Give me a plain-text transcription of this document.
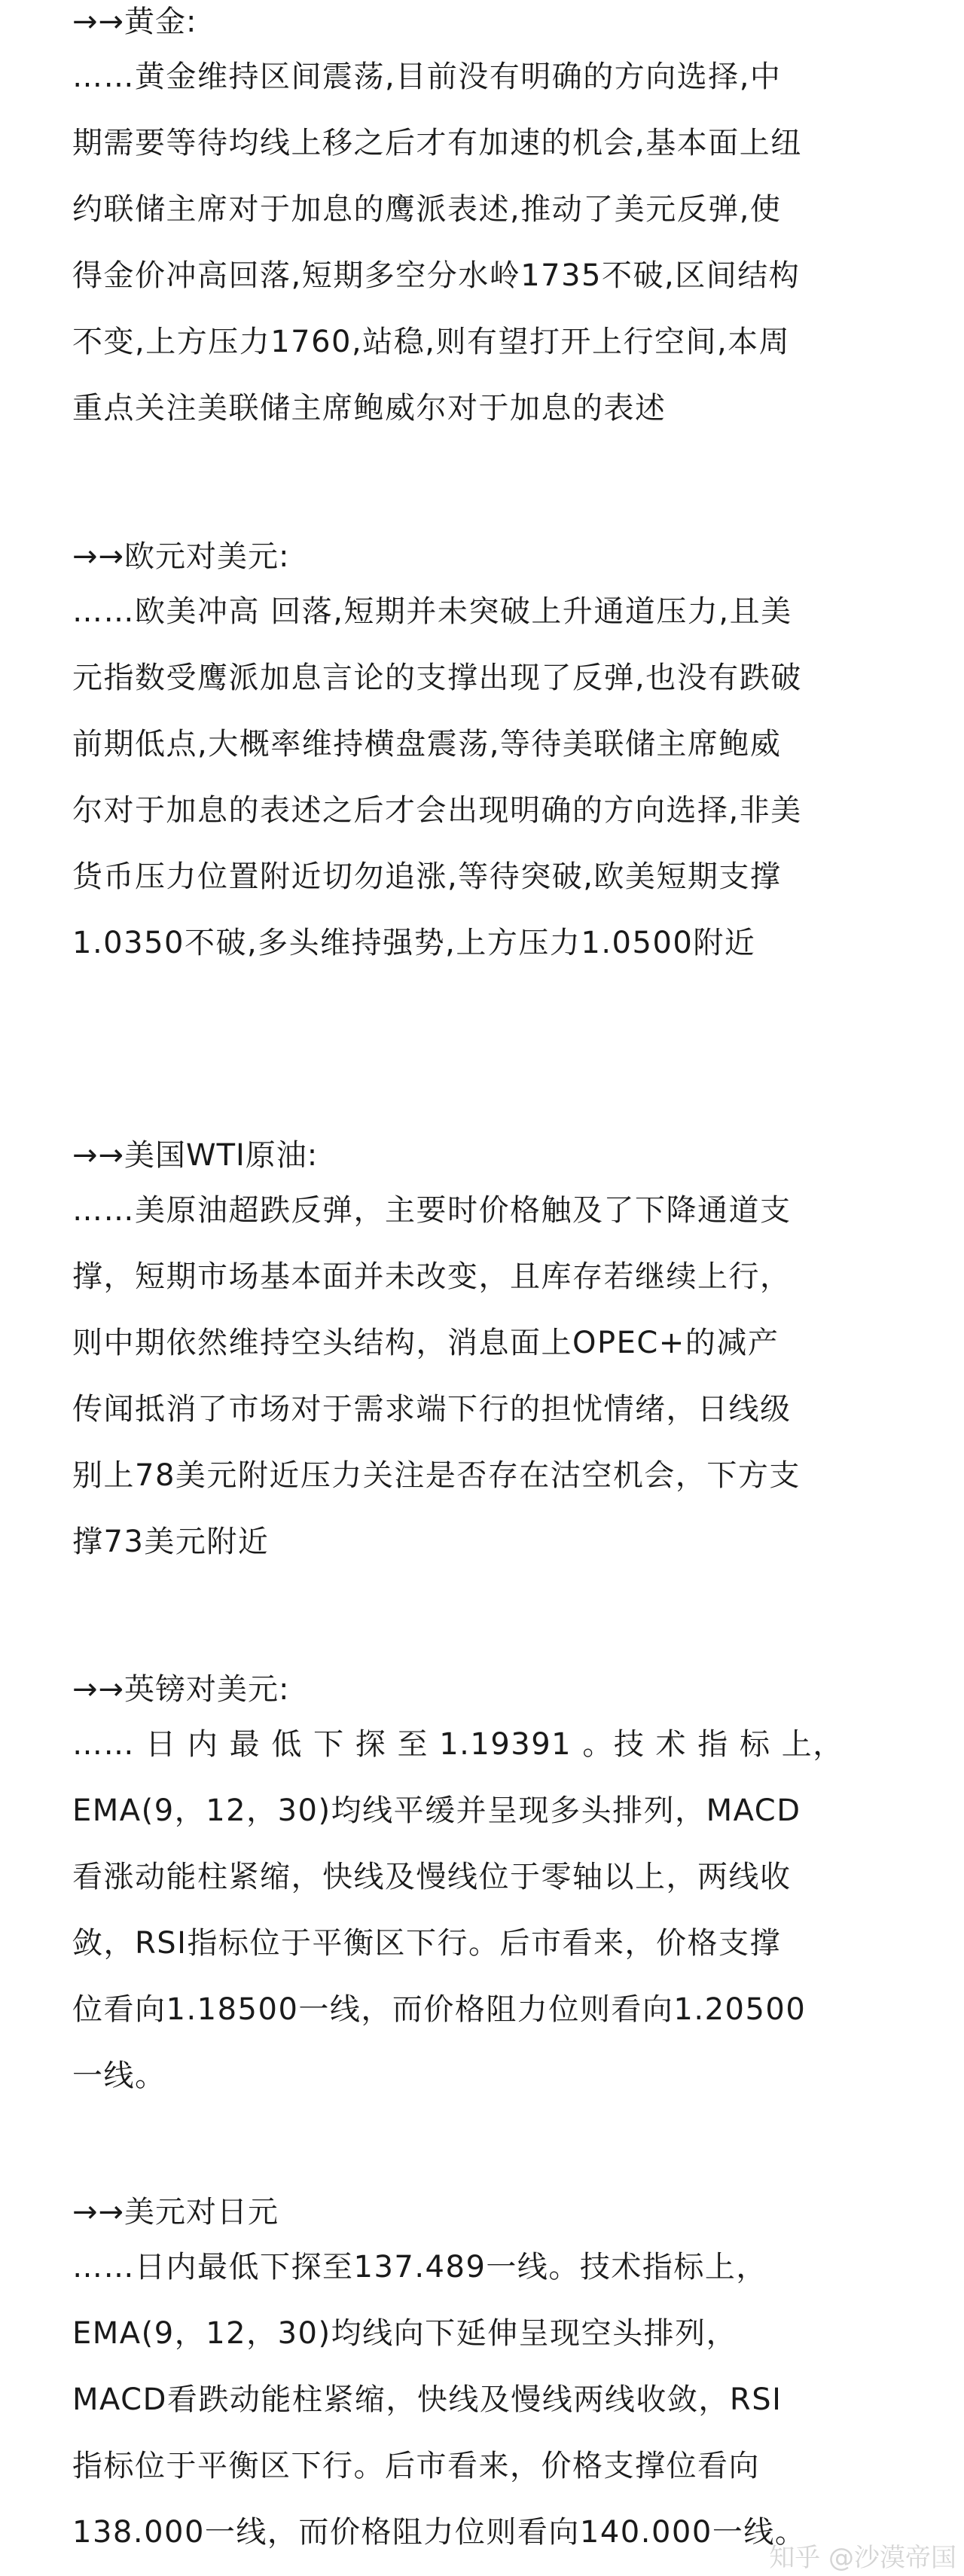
→→黄金:
……黄金维持区间震荡,目前没有明确的方向选择,中
期需要等待均线上移之后才有加速的机会,基本面上纽
约联储主席对于加息的鹰派表述,推动了美元反弹,使
得金价冲高回落,短期多空分水岭1735不破,区间结构
不变,上方压力1760,站稳,则有望打开上行空间,本周
重点关注美联储主席鲍威尔对于加息的表述
→→欧元对美元:
……欧美冲高 回落,短期并未突破上升通道压力,且美
元指数受鹰派加息言论的支撑出现了反弹,也没有跌破
前期低点,大概率维持横盘震荡,等待美联储主席鲍威
尔对于加息的表述之后才会出现明确的方向选择,非美
货币压力位置附近切勿追涨,等待突破,欧美短期支撑
1.0350不破,多头维持强势,上方压力1.0500附近
→→美国WTI原油:
……美原油超跌反弹，主要时价格触及了下降通道支
撑，短期市场基本面并未改变，且库存若继续上行，
则中期依然维持空头结构，消息面上OPEC+的减产
传闻抵消了市场对于需求端下行的担忧情绪，日线级
别上78美元附近压力关注是否存在沽空机会，下方支
撑73美元附近
→→英镑对美元:
…… 日 内 最 低 下 探 至 1.19391 。技 术 指 标 上，
EMA(9，12，30)均线平缓并呈现多头排列，MACD
看涨动能柱紧缩，快线及慢线位于零轴以上，两线收
敛，RSI指标位于平衡区下行。后市看来，价格支撑
位看向1.18500一线，而价格阻力位则看向1.20500
一线。
→→美元对日元
……日内最低下探至137.489一线。技术指标上，
EMA(9，12，30)均线向下延伸呈现空头排列，
MACD看跌动能柱紧缩，快线及慢线两线收敛，RSI
指标位于平衡区下行。后市看来，价格支撑位看向
138.000一线，而价格阻力位则看向140.000一线。
知乎 @沙漠帝国
